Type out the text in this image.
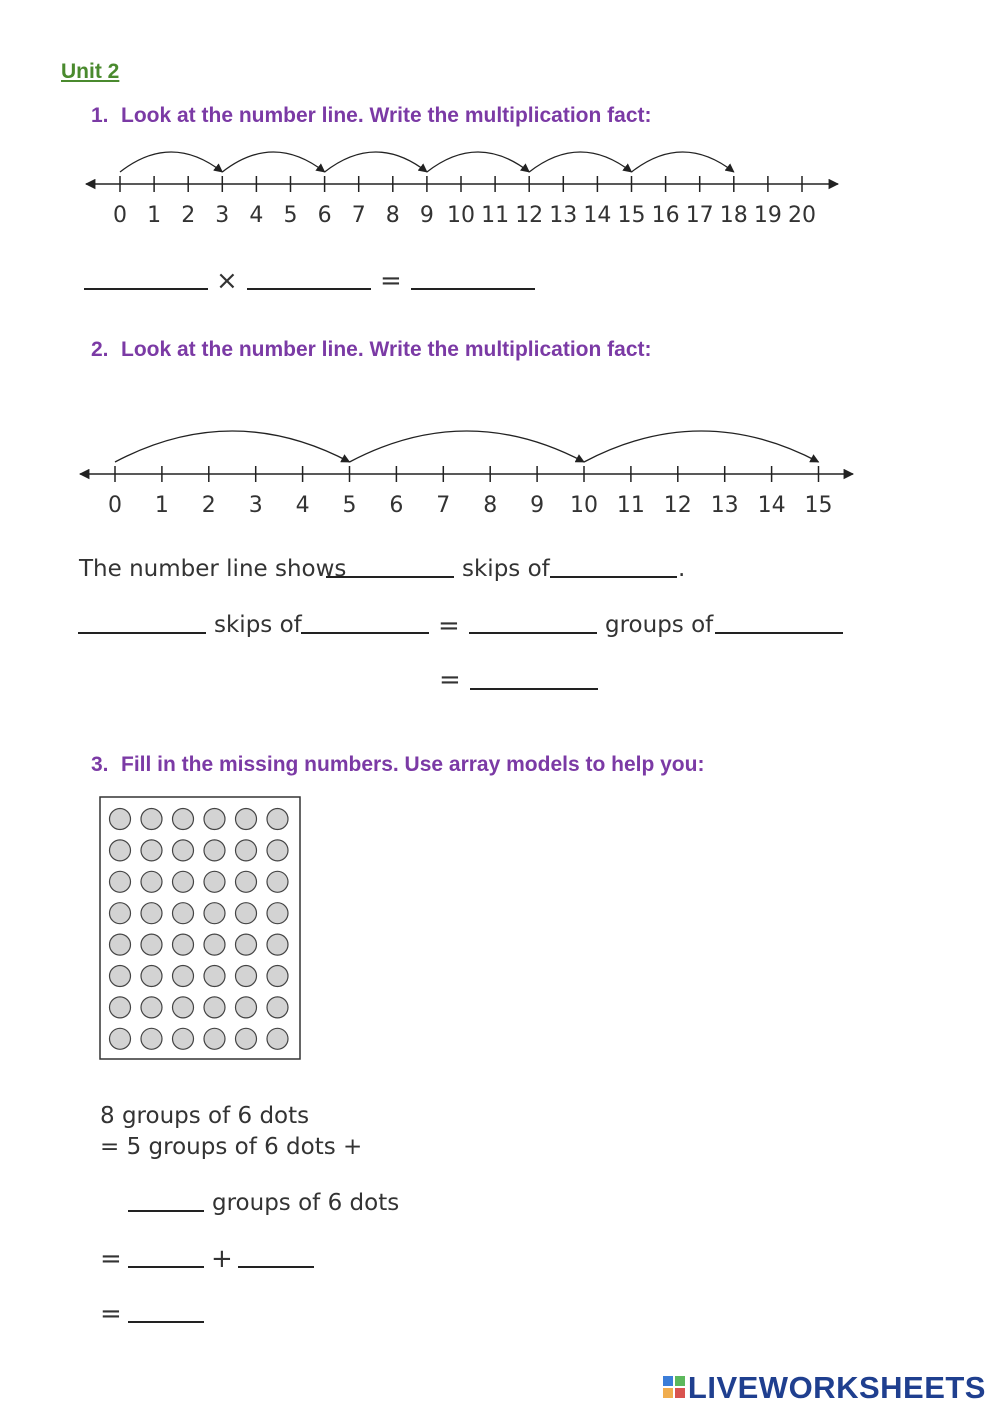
Unit 2
1. Look at the number line. Write the multiplication fact:
0 1 2 3 4 5 6 7 8 9 10 11 12 13 14 15 16 17 18 19 20
×	=
2. Look at the number line. Write the multiplication fact:
0 1 2 3 4 5 6 7 8 9 10 11 12 13 14 15
The number line shows	skips of	.
skips of	=	groups of
=
3. Fill in the missing numbers. Use array models to help you:
8 groups of 6 dots
= 5 groups of 6 dots +
groups of 6 dots
=	+
=
LIVEWORKSHEETS
